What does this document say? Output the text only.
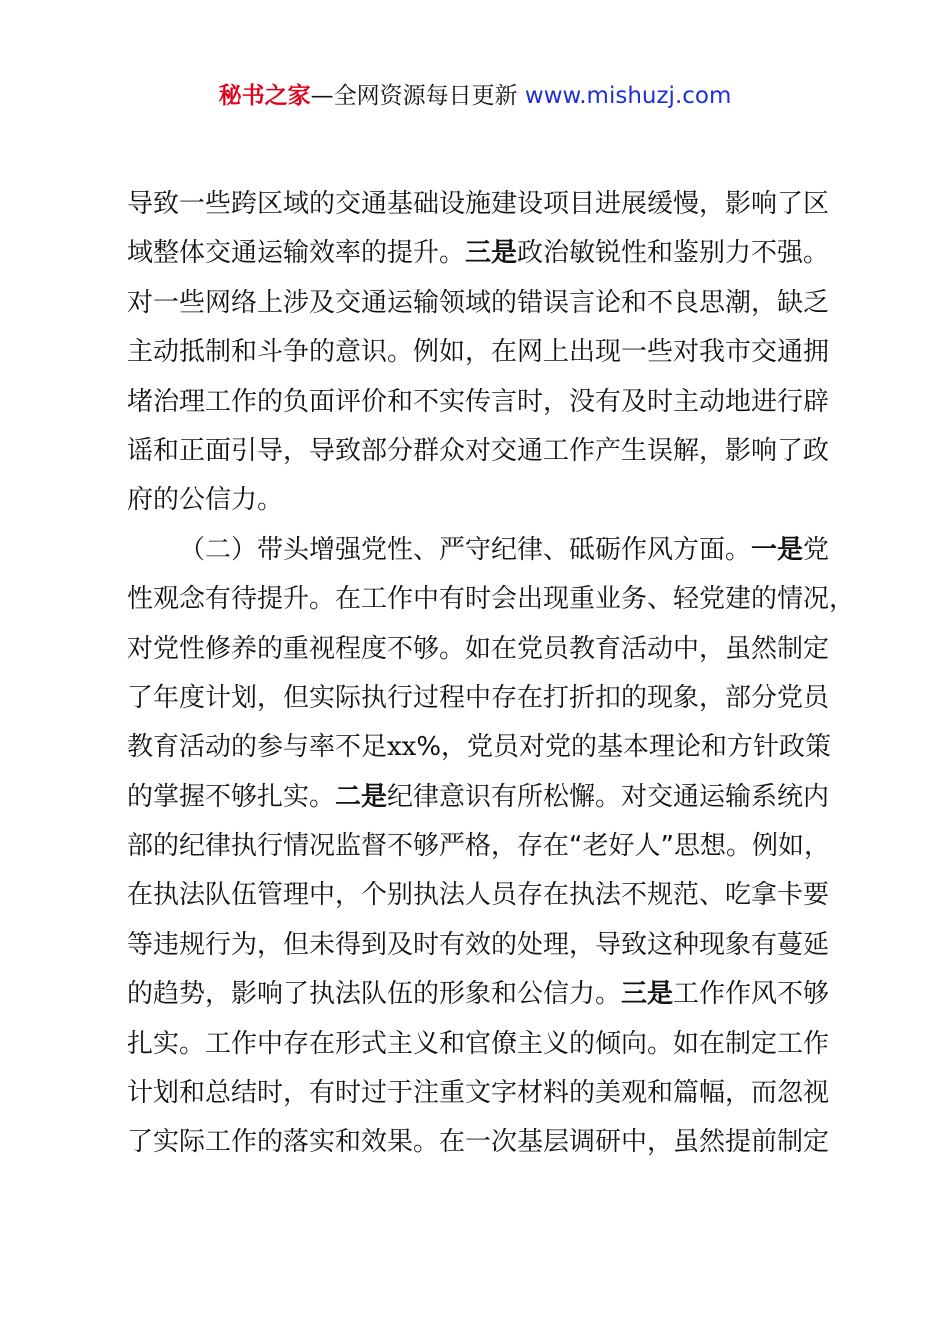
秘书之家—全网资源每日更新 www.mishuzj.com
导致一些跨区域的交通基础设施建设项目进展缓慢，影响了区
域整体交通运输效率的提升。三是政治敏锐性和鉴别力不强。
对一些网络上涉及交通运输领域的错误言论和不良思潮，缺乏
主动抵制和斗争的意识。例如，在网上出现一些对我市交通拥
堵治理工作的负面评价和不实传言时，没有及时主动地进行辟
谣和正面引导，导致部分群众对交通工作产生误解，影响了政
府的公信力。
（二）带头增强党性、严守纪律、砥砺作风方面。一是党
性观念有待提升。在工作中有时会出现重业务、轻党建的情况，
对党性修养的重视程度不够。如在党员教育活动中，虽然制定
了年度计划，但实际执行过程中存在打折扣的现象，部分党员
教育活动的参与率不足xx%，党员对党的基本理论和方针政策
的掌握不够扎实。二是纪律意识有所松懈。对交通运输系统内
部的纪律执行情况监督不够严格，存在“老好人”思想。例如，
在执法队伍管理中，个别执法人员存在执法不规范、吃拿卡要
等违规行为，但未得到及时有效的处理，导致这种现象有蔓延
的趋势，影响了执法队伍的形象和公信力。三是工作作风不够
扎实。工作中存在形式主义和官僚主义的倾向。如在制定工作
计划和总结时，有时过于注重文字材料的美观和篇幅，而忽视
了实际工作的落实和效果。在一次基层调研中，虽然提前制定
